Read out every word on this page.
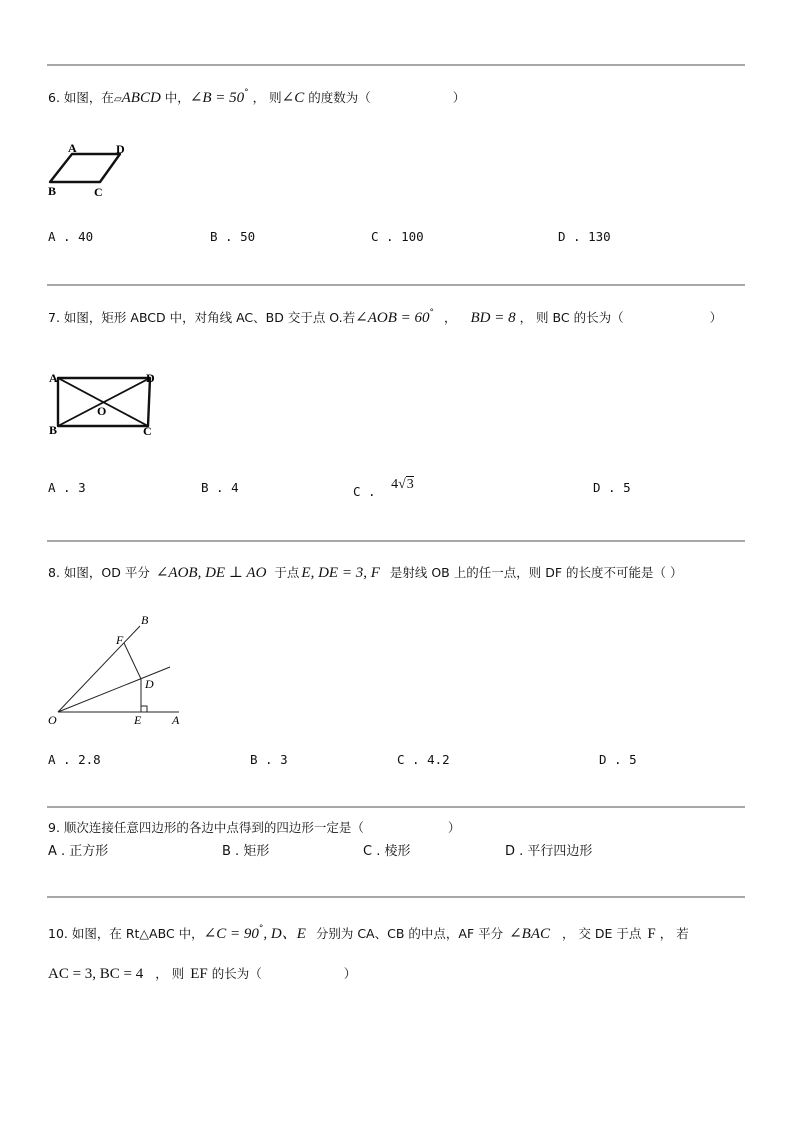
6. 如图，在▱ABCD 中，∠B = 50° ， 则∠C 的度数为（	）
A	D
B	C
A . 40	B . 50	C . 100	D . 130
7. 如图，矩形 ABCD 中，对角线 AC、BD 交于点 O.若∠AOB = 60° ， BD = 8 ， 则 BC 的长为（	）
A	D
B	C
O
A . 3	B . 4	C . 4√3	D . 5
8. 如图，OD 平分 ∠AOB, DE ⊥ AO 于点 E, DE = 3, F 是射线 OB 上的任一点，则 DF 的长度不可能是（ ）
O	E	A
D
F
B
A . 2.8	B . 3	C . 4.2	D . 5
9. 顺次连接任意四边形的各边中点得到的四边形一定是（	）
A . 正方形	B . 矩形	C . 棱形	D . 平行四边形
10. 如图，在 Rt△ABC 中，∠C = 90°, D、E 分别为 CA、CB 的中点，AF 平分 ∠BAC ， 交 DE 于点 F ， 若
AC = 3, BC = 4 ， 则 EF 的长为（	）
